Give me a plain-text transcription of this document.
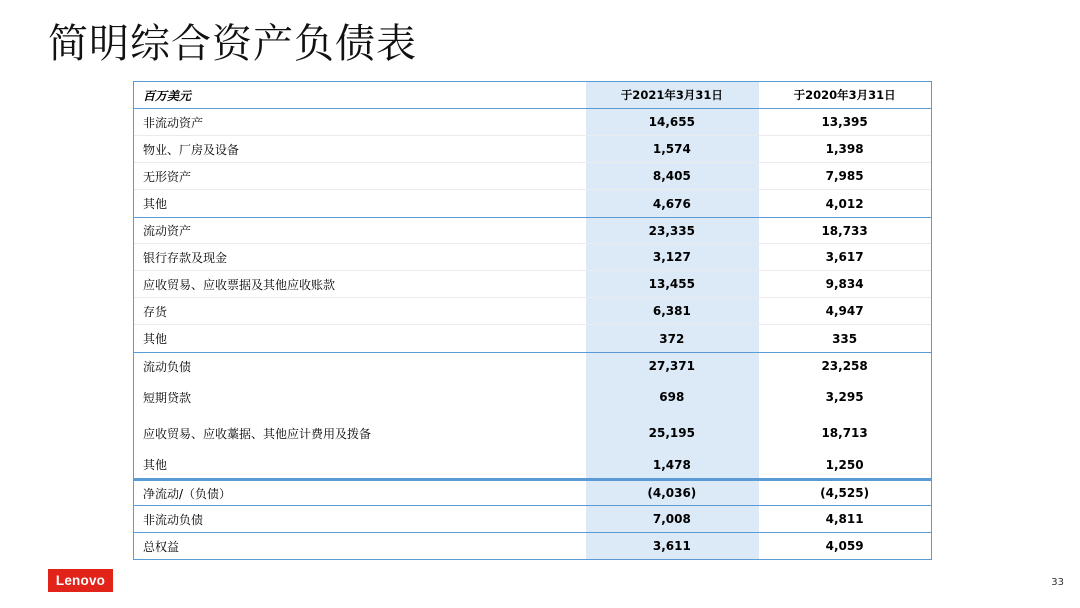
简明综合资产负债表
百万美元	于2021年3月31日	于2020年3月31日
非流动资产	14,655	13,395
物业、厂房及设备	1,574	1,398
无形资产	8,405	7,985
其他	4,676	4,012
流动资产	23,335	18,733
银行存款及现金	3,127	3,617
应收贸易、应收票据及其他应收账款	13,455	9,834
存货	6,381	4,947
其他	372	335
流动负债	27,371	23,258
短期贷款	698	3,295
应收贸易、应收藁据、其他应计费用及拨备	25,195	18,713
其他	1,478	1,250
净流动/（负债）	(4,036)	(4,525)
非流动负债	7,008	4,811
总权益	3,611	4,059
Lenovo	33
